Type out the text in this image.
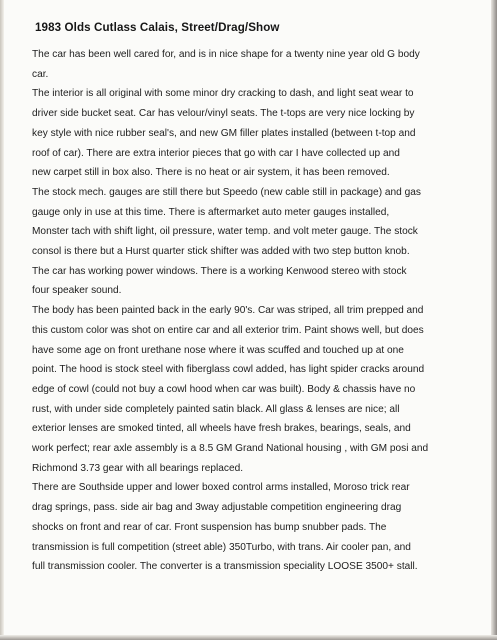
1983 Olds Cutlass Calais, Street/Drag/Show
The car has been well cared for, and is in nice shape for a twenty nine year old G body
car.
The interior is all original with some minor dry cracking to dash, and light seat wear to
driver side bucket seat. Car has velour/vinyl seats. The t-tops are very nice locking by
key style with nice rubber seal's, and new GM filler plates installed (between t-top and
roof of car). There are extra interior pieces that go with car I have collected up and
new carpet still in box also. There is no heat or air system, it has been removed.
The stock mech. gauges are still there but Speedo (new cable still in package) and gas
gauge only in use at this time. There is aftermarket auto meter gauges installed,
Monster tach with shift light, oil pressure, water temp. and volt meter gauge. The stock
consol is there but a Hurst quarter stick shifter was added with two step button knob.
The car has working power windows. There is a working Kenwood stereo with stock
four speaker sound.
The body has been painted back in the early 90's. Car was striped, all trim prepped and
this custom color was shot on entire car and all exterior trim. Paint shows well, but does
have some age on front urethane nose where it was scuffed and touched up at one
point. The hood is stock steel with fiberglass cowl added, has light spider cracks around
edge of cowl (could not buy a cowl hood when car was built). Body & chassis have no
rust, with under side completely painted satin black. All glass & lenses are nice; all
exterior lenses are smoked tinted, all wheels have fresh brakes, bearings, seals, and
work perfect; rear axle assembly is a 8.5 GM Grand National housing , with GM posi and
Richmond 3.73 gear with all bearings replaced.
There are Southside upper and lower boxed control arms installed, Moroso trick rear
drag springs, pass. side air bag and 3way adjustable competition engineering drag
shocks on front and rear of car. Front suspension has bump snubber pads. The
transmission is full competition (street able) 350Turbo, with trans. Air cooler pan, and
full transmission cooler. The converter is a transmission speciality LOOSE 3500+ stall.
